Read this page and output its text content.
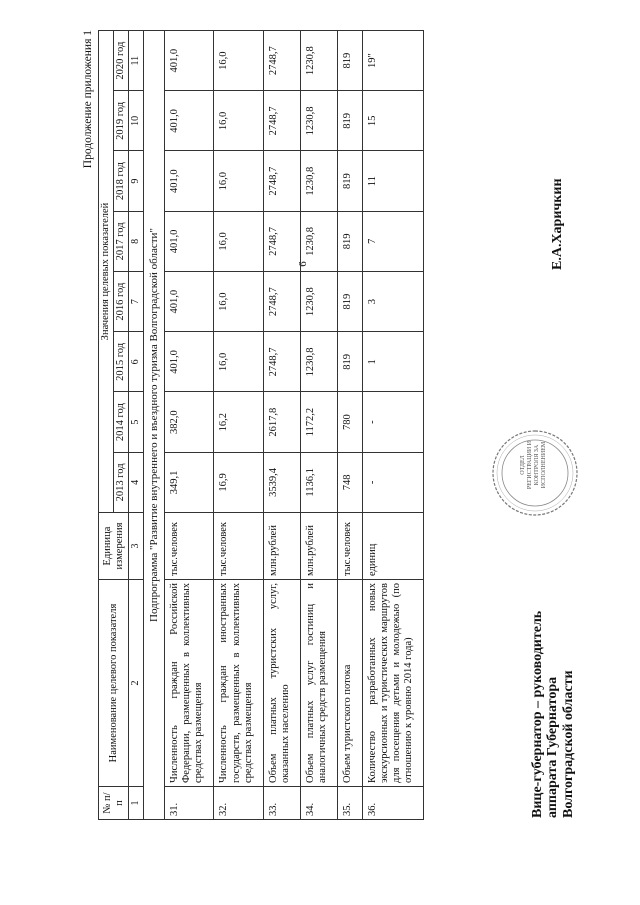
6
Продолжение приложения 1
№ п/п	Наименование целевого показателя	Единица измерения	Значения целевых показателей							
			2013 год	2014 год	2015 год	2016 год	2017 год	2018 год	2019 год	2020 год
1	2	3	4	5	6	7	8	9	10	11
Подпрограмма "Развитие внутреннего и въездного туризма Волгоградской области"										
31.	Численность граждан Российской Федерации, размещенных в коллективных средствах размещения	тыс.человек	349,1	382,0	401,0	401,0	401,0	401,0	401,0	401,0
32.	Численность граждан иностранных государств, размещенных в коллективных средствах размещения	тыс.человек	16,9	16,2	16,0	16,0	16,0	16,0	16,0	16,0
33.	Объем платных туристских услуг, оказанных населению	млн.рублей	3539,4	2617,8	2748,7	2748,7	2748,7	2748,7	2748,7	2748,7
34.	Объем платных услуг гостиниц и аналогичных средств размещения	млн.рублей	1136,1	1172,2	1230,8	1230,8	1230,8	1230,8	1230,8	1230,8
35.	Объем туристского потока	тыс.человек	748	780	819	819	819	819	819	819
36.	Количество разработанных новых экскурсионных и туристических маршрутов для посещения детьми и молодежью (по отношению к уровню 2014 года)	единиц	-	-	1	3	7	11	15	19"
Вице-губернатор – руководитель аппарата Губернатора Волгоградской области
Е.А.Харичкин
ОТДЕЛ РЕГИСТРАЦИИ И КОНТРОЛЯ ЗА ИСПОЛНЕНИЕМ
